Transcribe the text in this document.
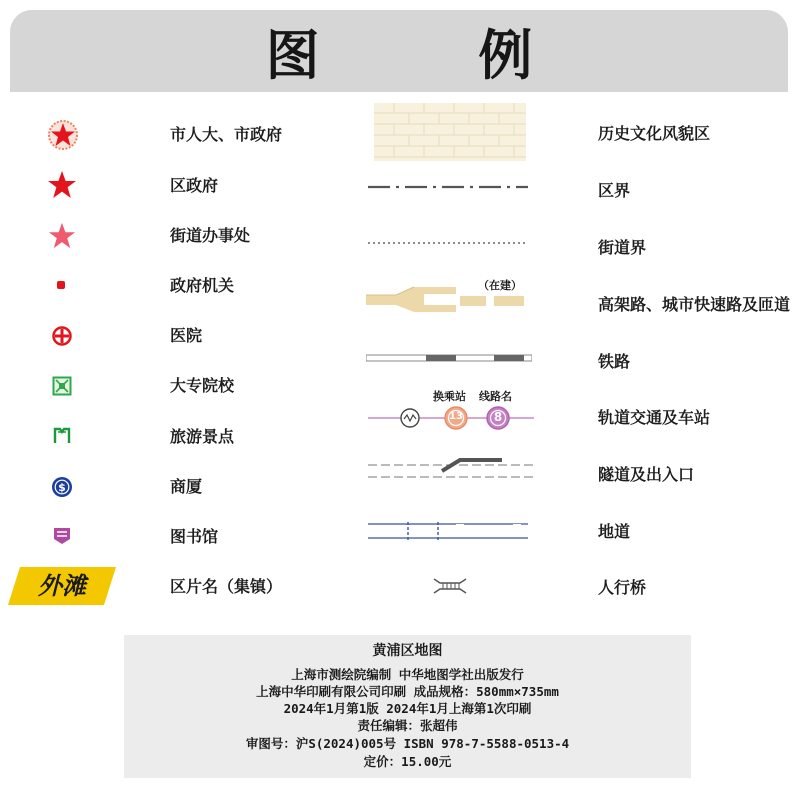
图 例
市人大、市政府
区政府
街道办事处
政府机关
医院
大专院校
旅游景点
$	商厦
图书馆
外滩	区片名（集镇）
历史文化风貌区
区界
街道界
（在建）
高架路、城市快速路及匝道
铁路
换乘站 线路名
13	8	轨道交通及车站
隧道及出入口
地道
人行桥
黄浦区地图
上海市测绘院编制 中华地图学社出版发行
上海中华印刷有限公司印刷 成品规格：580mm×735mm
2024年1月第1版 2024年1月上海第1次印刷
责任编辑：张超伟
审图号：沪S(2024)005号 ISBN 978-7-5588-0513-4
定价：15.00元
